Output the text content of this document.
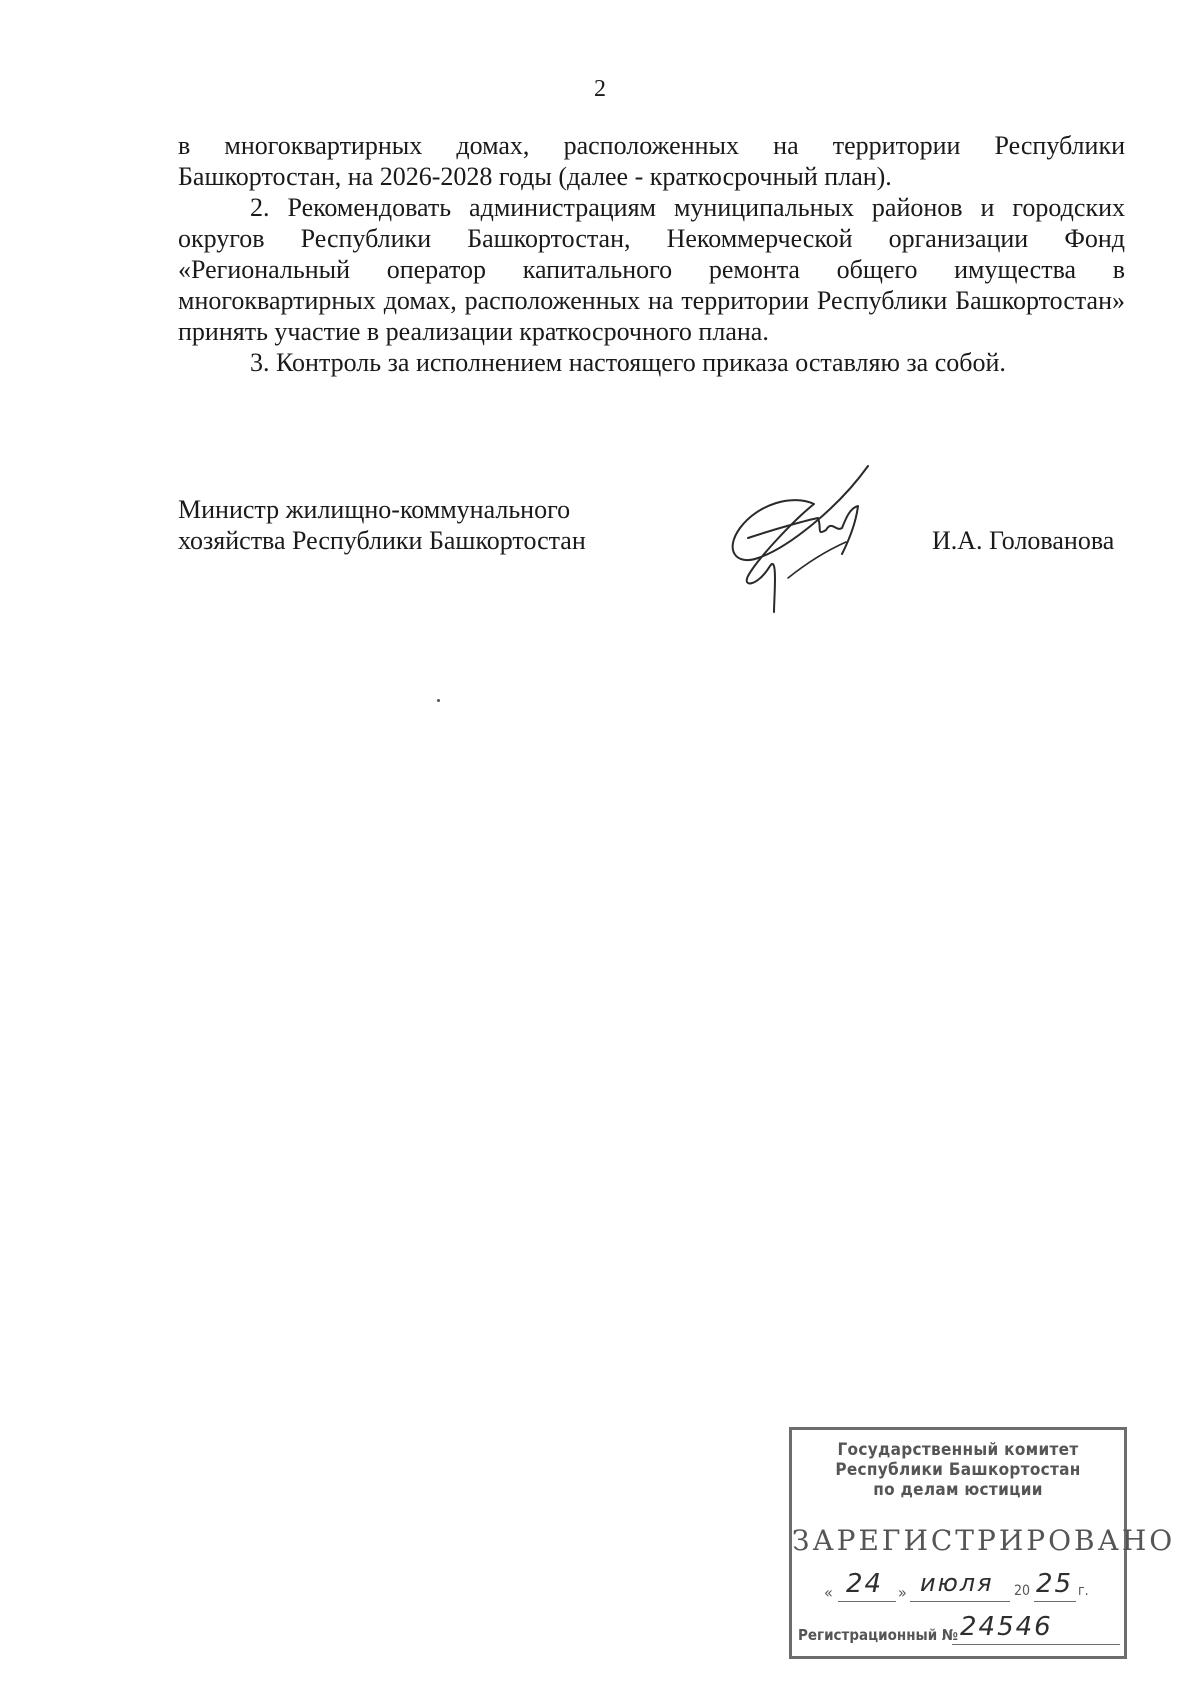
2

в многоквартирных домах, расположенных на территории Республики Башкортостан, на 2026-2028 годы (далее - краткосрочный план).

2. Рекомендовать администрациям муниципальных районов и городских округов Республики Башкортостан, Некоммерческой организации Фонд «Региональный оператор капитального ремонта общего имущества в многоквартирных домах, расположенных на территории Республики Башкортостан» принять участие в реализации краткосрочного плана.

3. Контроль за исполнением настоящего приказа оставляю за собой.

Министр жилищно-коммунального
хозяйства Республики Башкортостан	И.А. Голованова
Государственный комитет
Республики Башкортостан
по делам юстиции
ЗАРЕГИСТРИРОВАНО
« 24 » июля 20 25 г.
Регистрационный № 24546
